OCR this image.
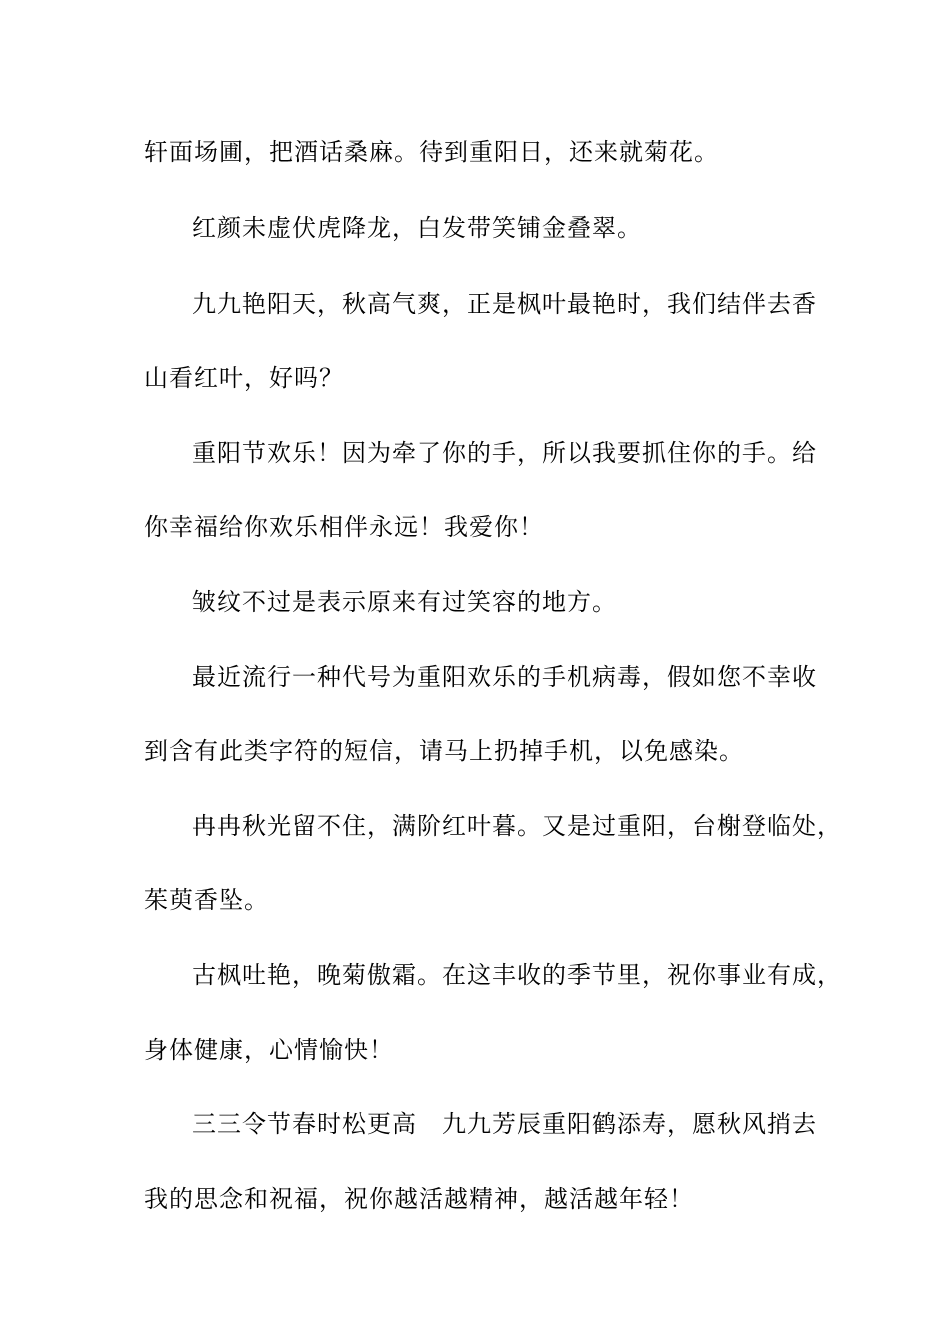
轩面场圃，把酒话桑麻。待到重阳日，还来就菊花。
红颜未虚伏虎降龙，白发带笑铺金叠翠。
九九艳阳天，秋高气爽，正是枫叶最艳时，我们结伴去香
山看红叶，好吗？
重阳节欢乐！因为牵了你的手，所以我要抓住你的手。给
你幸福给你欢乐相伴永远！我爱你！
皱纹不过是表示原来有过笑容的地方。
最近流行一种代号为重阳欢乐的手机病毒，假如您不幸收
到含有此类字符的短信，请马上扔掉手机，以免感染。
冉冉秋光留不住，满阶红叶暮。又是过重阳，台榭登临处，
茱萸香坠。
古枫吐艳，晚菊傲霜。在这丰收的季节里，祝你事业有成，
身体健康，心情愉快！
三三令节春时松更高　九九芳辰重阳鹤添寿，愿秋风捎去
我的思念和祝福，祝你越活越精神，越活越年轻！
